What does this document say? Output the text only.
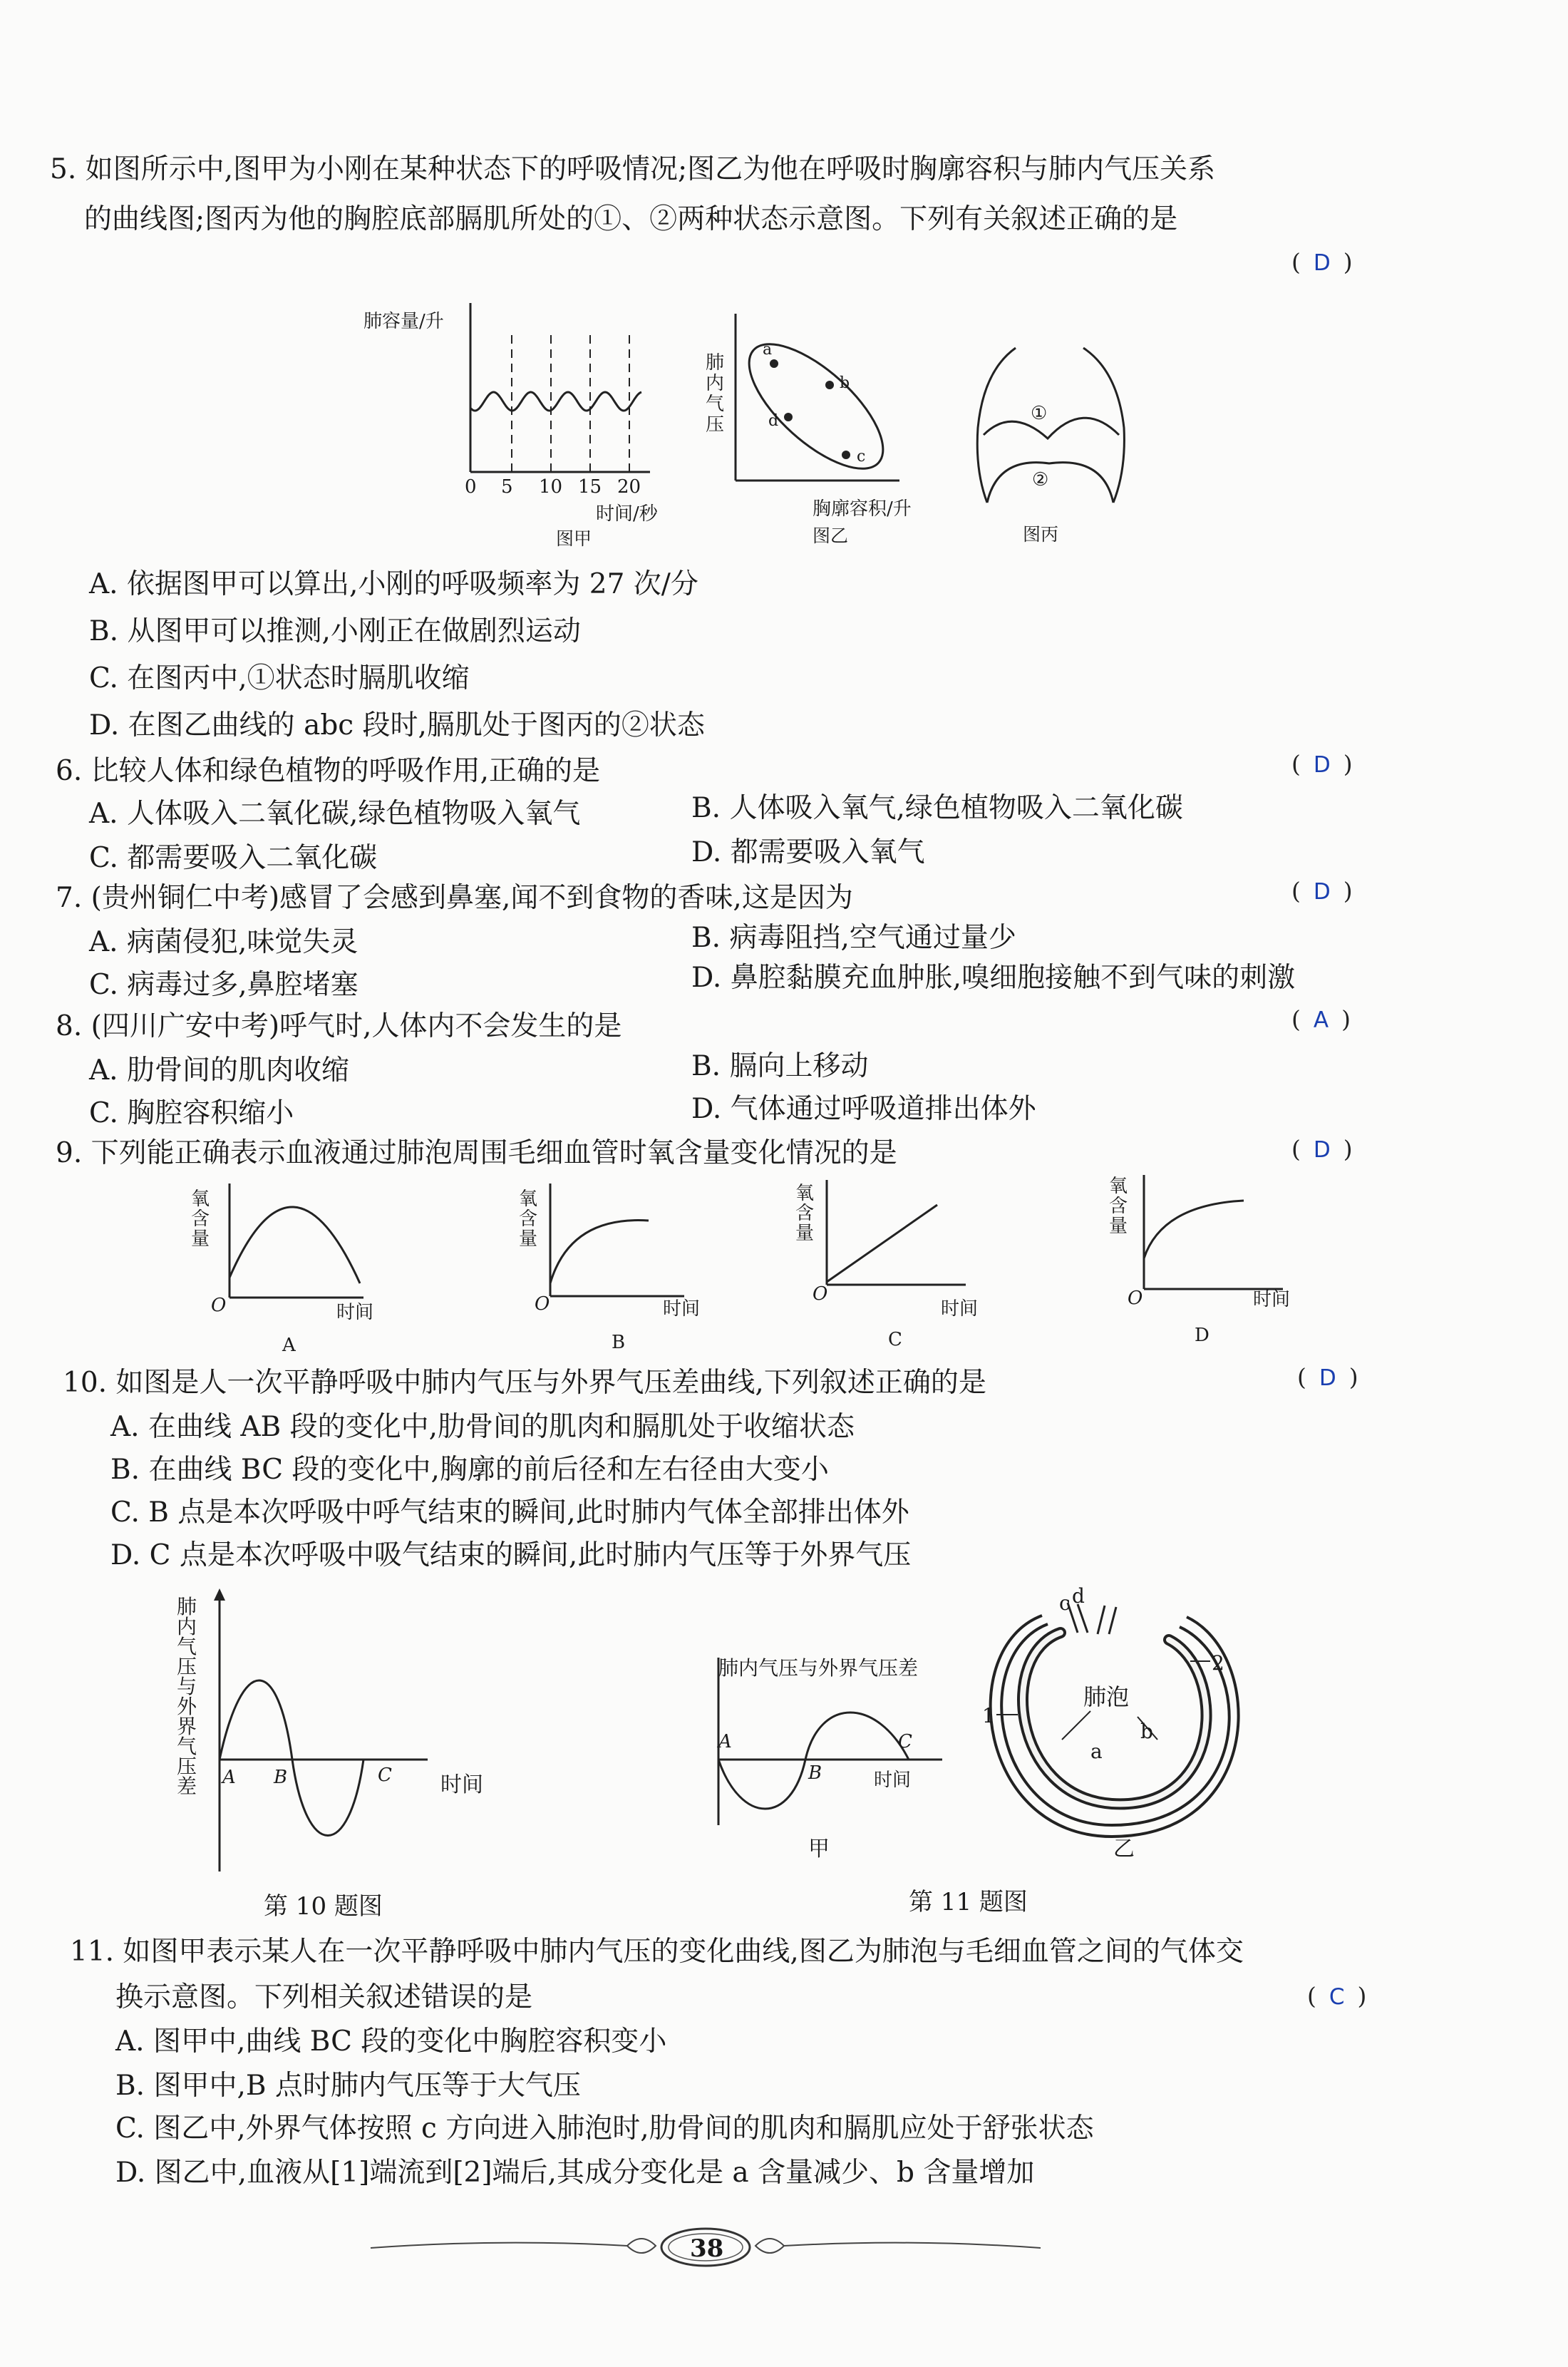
5. 如图所示中,图甲为小刚在某种状态下的呼吸情况;图乙为他在呼吸时胸廓容积与肺内气压关系
的曲线图;图丙为他的胸腔底部膈肌所处的①、②两种状态示意图。下列有关叙述正确的是
( D )
肺容量/升
0 5 10 15 20
时间/秒
图甲
肺内气压
a
b
c
d
胸廓容积/升
图乙
①
②
图丙
A. 依据图甲可以算出,小刚的呼吸频率为 27 次/分
B. 从图甲可以推测,小刚正在做剧烈运动
C. 在图丙中,①状态时膈肌收缩
D. 在图乙曲线的 abc 段时,膈肌处于图丙的②状态
6. 比较人体和绿色植物的呼吸作用,正确的是	( D )
A. 人体吸入二氧化碳,绿色植物吸入氧气	B. 人体吸入氧气,绿色植物吸入二氧化碳
C. 都需要吸入二氧化碳	D. 都需要吸入氧气
7. (贵州铜仁中考)感冒了会感到鼻塞,闻不到食物的香味,这是因为	( D )
A. 病菌侵犯,味觉失灵	B. 病毒阻挡,空气通过量少
C. 病毒过多,鼻腔堵塞	D. 鼻腔黏膜充血肿胀,嗅细胞接触不到气味的刺激
8. (四川广安中考)呼气时,人体内不会发生的是	( A )
A. 肋骨间的肌肉收缩	B. 膈向上移动
C. 胸腔容积缩小	D. 气体通过呼吸道排出体外
9. 下列能正确表示血液通过肺泡周围毛细血管时氧含量变化情况的是	( D )
氧含量
O	时间
A
氧含量
O	时间
B
氧含量
O
时间
C
氧含量
O	时间
D
10. 如图是人一次平静呼吸中肺内气压与外界气压差曲线,下列叙述正确的是	( D )
A. 在曲线 AB 段的变化中,肋骨间的肌肉和膈肌处于收缩状态
B. 在曲线 BC 段的变化中,胸廓的前后径和左右径由大变小
C. B 点是本次呼吸中呼气结束的瞬间,此时肺内气体全部排出体外
D. C 点是本次呼吸中吸气结束的瞬间,此时肺内气压等于外界气压
肺内气压与外界气压差 A B	C 时间
第 10 题图
肺内气压与外界气压差
A
B
C
时间
甲
c d
肺泡
1
2
a
b
乙
第 11 题图
11. 如图甲表示某人在一次平静呼吸中肺内气压的变化曲线,图乙为肺泡与毛细血管之间的气体交
换示意图。下列相关叙述错误的是	( C )
A. 图甲中,曲线 BC 段的变化中胸腔容积变小
B. 图甲中,B 点时肺内气压等于大气压
C. 图乙中,外界气体按照 c 方向进入肺泡时,肋骨间的肌肉和膈肌应处于舒张状态
D. 图乙中,血液从[1]端流到[2]端后,其成分变化是 a 含量减少、b 含量增加
38
